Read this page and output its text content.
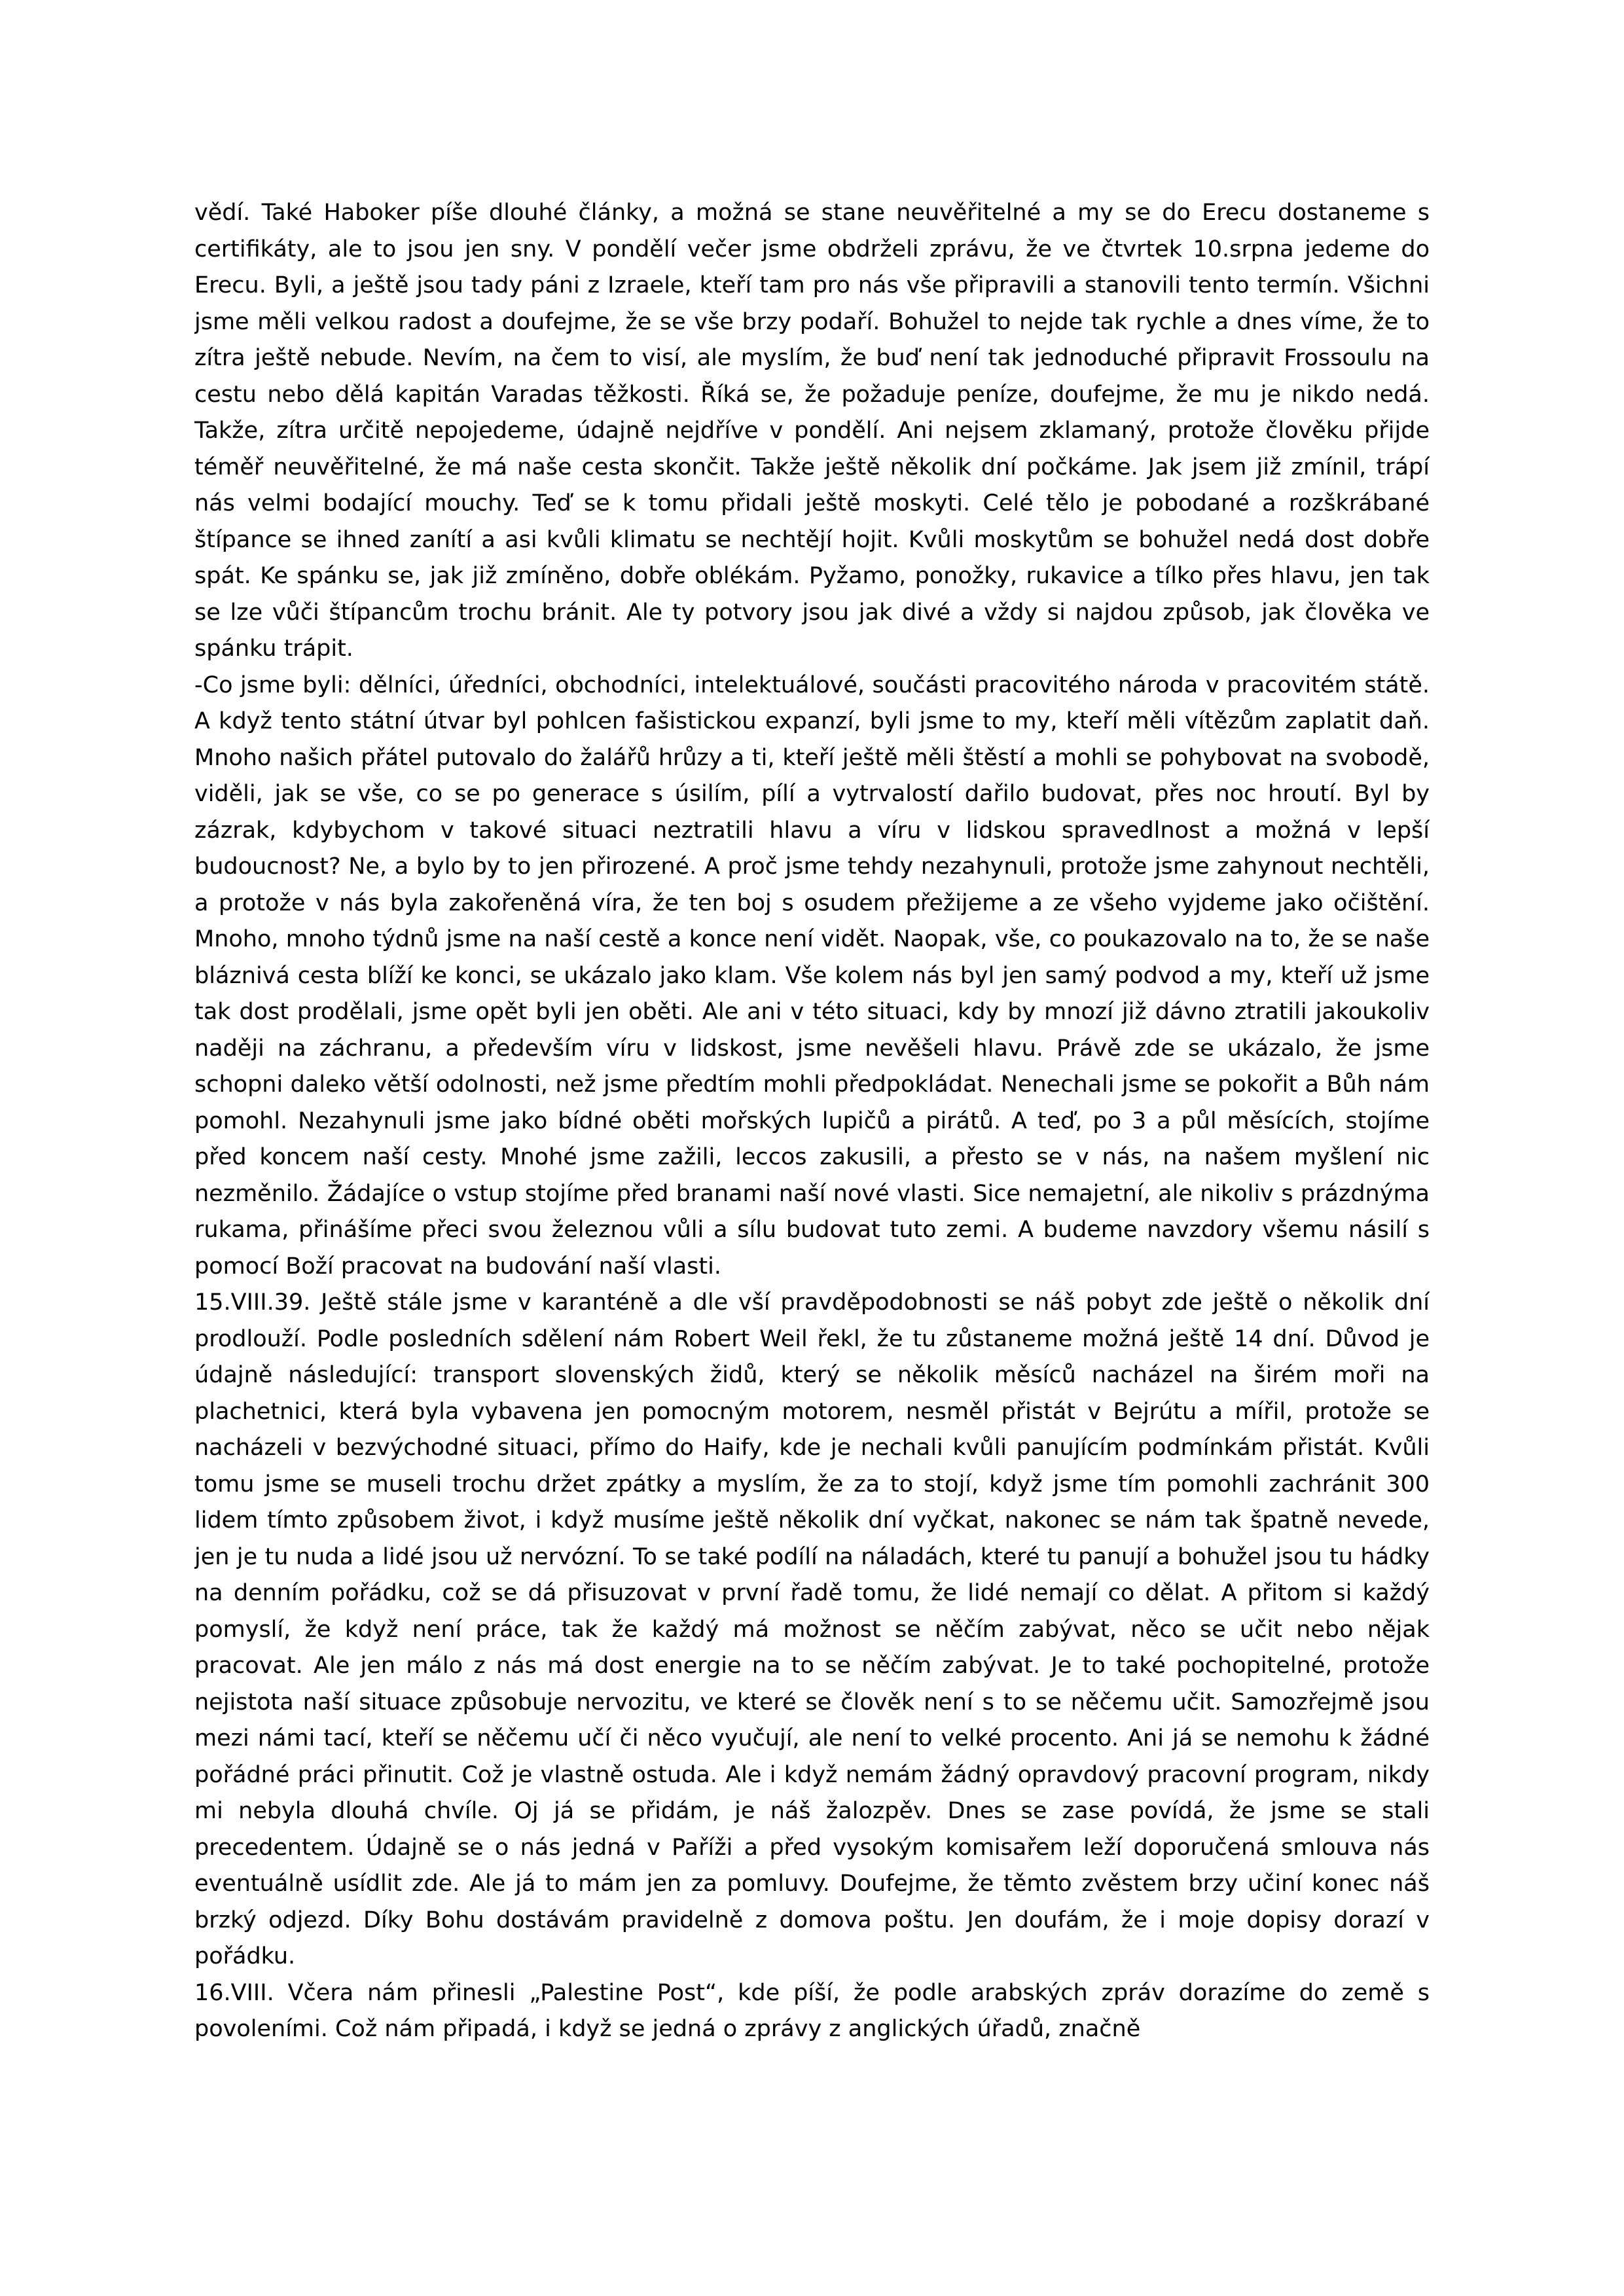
vědí. Také Haboker píše dlouhé články, a možná se stane neuvěřitelné a my se do Erecu dostaneme s certifikáty, ale to jsou jen sny. V pondělí večer jsme obdrželi zprávu, že ve čtvrtek 10.srpna jedeme do Erecu. Byli, a ještě jsou tady páni z Izraele, kteří tam pro nás vše připravili a stanovili tento termín. Všichni jsme měli velkou radost a doufejme, že se vše brzy podaří. Bohužel to nejde tak rychle a dnes víme, že to zítra ještě nebude. Nevím, na čem to visí, ale myslím, že buď není tak jednoduché připravit Frossoulu na cestu nebo dělá kapitán Varadas těžkosti. Říká se, že požaduje peníze, doufejme, že mu je nikdo nedá. Takže, zítra určitě nepojedeme, údajně nejdříve v pondělí. Ani nejsem zklamaný, protože člověku přijde téměř neuvěřitelné, že má naše cesta skončit. Takže ještě několik dní počkáme. Jak jsem již zmínil, trápí nás velmi bodající mouchy. Teď se k tomu přidali ještě moskyti. Celé tělo je pobodané a rozškrábané štípance se ihned zanítí a asi kvůli klimatu se nechtějí hojit. Kvůli moskytům se bohužel nedá dost dobře spát. Ke spánku se, jak již zmíněno, dobře oblékám. Pyžamo, ponožky, rukavice a tílko přes hlavu, jen tak se lze vůči štípancům trochu bránit. Ale ty potvory jsou jak divé a vždy si najdou způsob, jak člověka ve spánku trápit.

-Co jsme byli: dělníci, úředníci, obchodníci, intelektuálové, součásti pracovitého národa v pracovitém státě. A když tento státní útvar byl pohlcen fašistickou expanzí, byli jsme to my, kteří měli vítězům zaplatit daň. Mnoho našich přátel putovalo do žalářů hrůzy a ti, kteří ještě měli štěstí a mohli se pohybovat na svobodě, viděli, jak se vše, co se po generace s úsilím, pílí a vytrvalostí dařilo budovat, přes noc hroutí. Byl by zázrak, kdybychom v takové situaci neztratili hlavu a víru v lidskou spravedlnost a možná v lepší budoucnost? Ne, a bylo by to jen přirozené. A proč jsme tehdy nezahynuli, protože jsme zahynout nechtěli, a protože v nás byla zakořeněná víra, že ten boj s osudem přežijeme a ze všeho vyjdeme jako očištění. Mnoho, mnoho týdnů jsme na naší cestě a konce není vidět. Naopak, vše, co poukazovalo na to, že se naše bláznivá cesta blíží ke konci, se ukázalo jako klam. Vše kolem nás byl jen samý podvod a my, kteří už jsme tak dost prodělali, jsme opět byli jen oběti. Ale ani v této situaci, kdy by mnozí již dávno ztratili jakoukoliv naději na záchranu, a především víru v lidskost, jsme nevěšeli hlavu. Právě zde se ukázalo, že jsme schopni daleko větší odolnosti, než jsme předtím mohli předpokládat. Nenechali jsme se pokořit a Bůh nám pomohl. Nezahynuli jsme jako bídné oběti mořských lupičů a pirátů. A teď, po 3 a půl měsících, stojíme před koncem naší cesty. Mnohé jsme zažili, leccos zakusili, a přesto se v nás, na našem myšlení nic nezměnilo. Žádajíce o vstup stojíme před branami naší nové vlasti. Sice nemajetní, ale nikoliv s prázdnýma rukama, přinášíme přeci svou železnou vůli a sílu budovat tuto zemi. A budeme navzdory všemu násilí s pomocí Boží pracovat na budování naší vlasti.

15.VIII.39. Ještě stále jsme v karanténě a dle vší pravděpodobnosti se náš pobyt zde ještě o několik dní prodlouží. Podle posledních sdělení nám Robert Weil řekl, že tu zůstaneme možná ještě 14 dní. Důvod je údajně následující: transport slovenských židů, který se několik měsíců nacházel na širém moři na plachetnici, která byla vybavena jen pomocným motorem, nesměl přistát v Bejrútu a mířil, protože se nacházeli v bezvýchodné situaci, přímo do Haify, kde je nechali kvůli panujícím podmínkám přistát. Kvůli tomu jsme se museli trochu držet zpátky a myslím, že za to stojí, když jsme tím pomohli zachránit 300 lidem tímto způsobem život, i když musíme ještě několik dní vyčkat, nakonec se nám tak špatně nevede, jen je tu nuda a lidé jsou už nervózní. To se také podílí na náladách, které tu panují a bohužel jsou tu hádky na denním pořádku, což se dá přisuzovat v první řadě tomu, že lidé nemají co dělat. A přitom si každý pomyslí, že když není práce, tak že každý má možnost se něčím zabývat, něco se učit nebo nějak pracovat. Ale jen málo z nás má dost energie na to se něčím zabývat. Je to také pochopitelné, protože nejistota naší situace způsobuje nervozitu, ve které se člověk není s to se něčemu učit. Samozřejmě jsou mezi námi tací, kteří se něčemu učí či něco vyučují, ale není to velké procento. Ani já se nemohu k žádné pořádné práci přinutit. Což je vlastně ostuda. Ale i když nemám žádný opravdový pracovní program, nikdy mi nebyla dlouhá chvíle. Oj já se přidám, je náš žalozpěv. Dnes se zase povídá, že jsme se stali precedentem. Údajně se o nás jedná v Paříži a před vysokým komisařem leží doporučená smlouva nás eventuálně usídlit zde. Ale já to mám jen za pomluvy. Doufejme, že těmto zvěstem brzy učiní konec náš brzký odjezd. Díky Bohu dostávám pravidelně z domova poštu. Jen doufám, že i moje dopisy dorazí v pořádku.

16.VIII. Včera nám přinesli „Palestine Post“, kde píší, že podle arabských zpráv dorazíme do země s povoleními. Což nám připadá, i když se jedná o zprávy z anglických úřadů, značně
